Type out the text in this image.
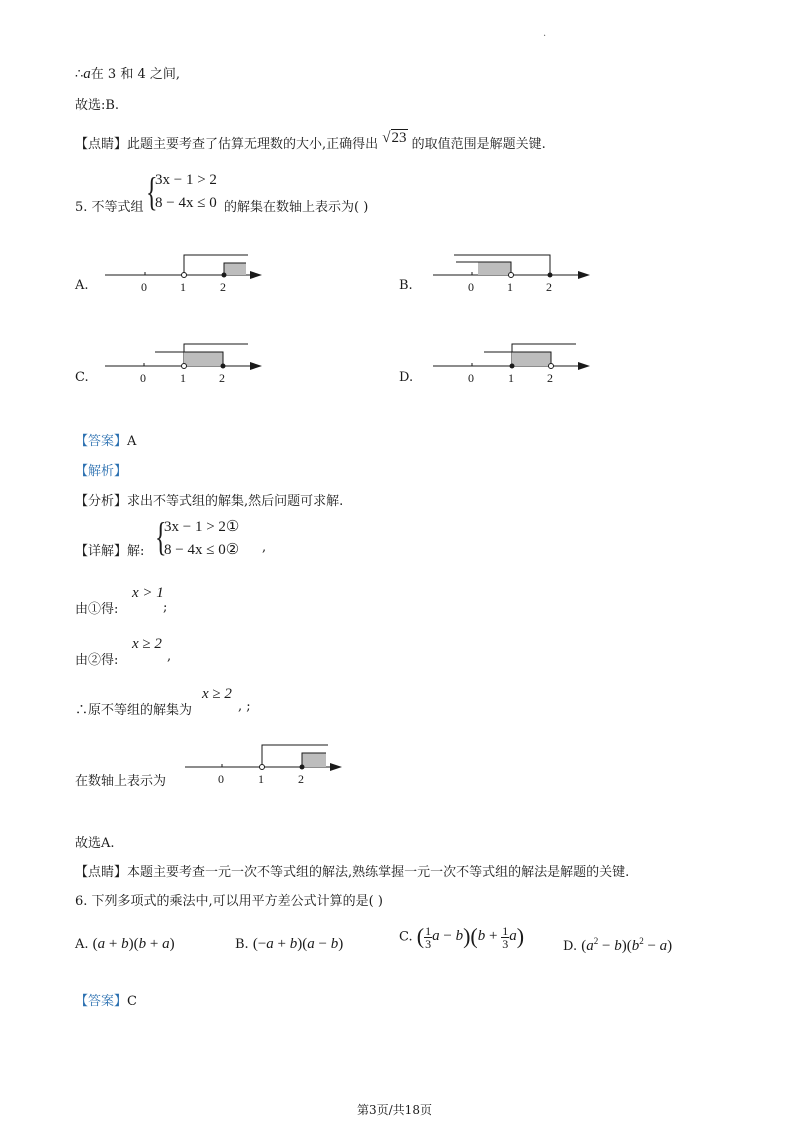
.
∴a在 3 和 4 之间,
故选:B.
【点睛】此题主要考查了估算无理数的大小,正确得出 √23 的取值范围是解题关键.
5. 不等式组 {
3x − 1 > 2
8 − 4x ≤ 0 的解集在数轴上表示为( )
A.	B.
C.	D.
0	1	2	0	1	2
0	1	2	0	1	2
【答案】A
【解析】
【分析】求出不等式组的解集,然后问题可求解.
【详解】解: {
3x − 1 > 2①
8 − 4x ≤ 0② ,
由①得:
x > 1
;
由②得:
x ≥ 2
,
∴原不等组的解集为
x ≥ 2
, ;
在数轴上表示为	0	1	2
故选A.
【点睛】本题主要考查一元一次不等式组的解法,熟练掌握一元一次不等式组的解法是解题的关键.
6. 下列多项式的乘法中,可以用平方差公式计算的是( )
A. (a + b)(b + a)	B. (−a + b)(a − b)	C. ( $\frac{1}{3}$ $a - b)(b + \frac{1}{3} a)$	D. $(a^2 - b)(b^2 - a)$
【答案】C
第3页/共18页
